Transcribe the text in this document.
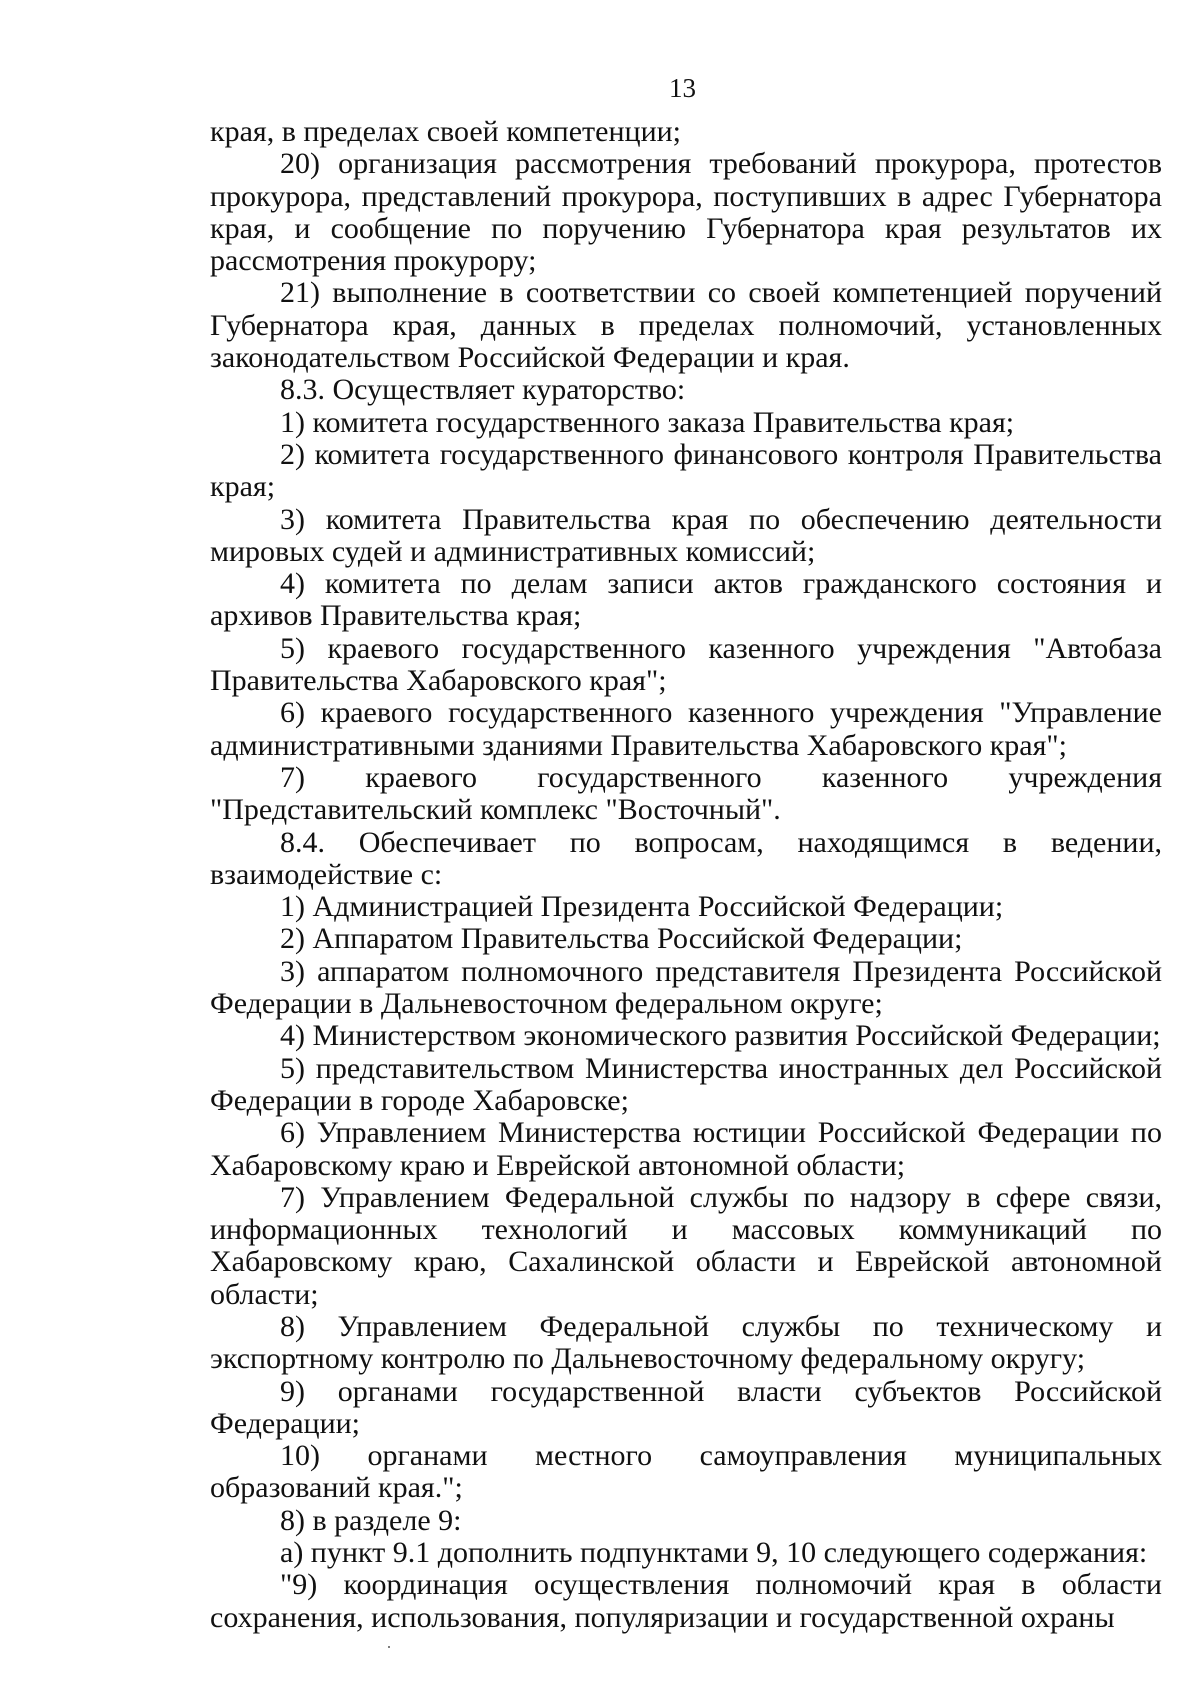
13

края, в пределах своей компетенции;

20) организация рассмотрения требований прокурора, протестов прокурора, представлений прокурора, поступивших в адрес Губернатора края, и сообщение по поручению Губернатора края результатов их рассмотрения прокурору;

21) выполнение в соответствии со своей компетенцией поручений Губернатора края, данных в пределах полномочий, установленных законодательством Российской Федерации и края.

8.3. Осуществляет кураторство:

1) комитета государственного заказа Правительства края;

2) комитета государственного финансового контроля Правительства края;

3) комитета Правительства края по обеспечению деятельности мировых судей и административных комиссий;

4) комитета по делам записи актов гражданского состояния и архивов Правительства края;

5) краевого государственного казенного учреждения "Автобаза Правительства Хабаровского края";

6) краевого государственного казенного учреждения "Управление административными зданиями Правительства Хабаровского края";

7) краевого государственного казенного учреждения "Представительский комплекс "Восточный".

8.4. Обеспечивает по вопросам, находящимся в ведении, взаимодействие с:

1) Администрацией Президента Российской Федерации;

2) Аппаратом Правительства Российской Федерации;

3) аппаратом полномочного представителя Президента Российской Федерации в Дальневосточном федеральном округе;

4) Министерством экономического развития Российской Федерации;

5) представительством Министерства иностранных дел Российской Федерации в городе Хабаровске;

6) Управлением Министерства юстиции Российской Федерации по Хабаровскому краю и Еврейской автономной области;

7) Управлением Федеральной службы по надзору в сфере связи, информационных технологий и массовых коммуникаций по Хабаровскому краю, Сахалинской области и Еврейской автономной области;

8) Управлением Федеральной службы по техническому и экспортному контролю по Дальневосточному федеральному округу;

9) органами государственной власти субъектов Российской Федерации;

10) органами местного самоуправления муниципальных образований края.";

8) в разделе 9:

а) пункт 9.1 дополнить подпунктами 9, 10 следующего содержания:

"9) координация осуществления полномочий края в области сохранения, использования, популяризации и государственной охраны
